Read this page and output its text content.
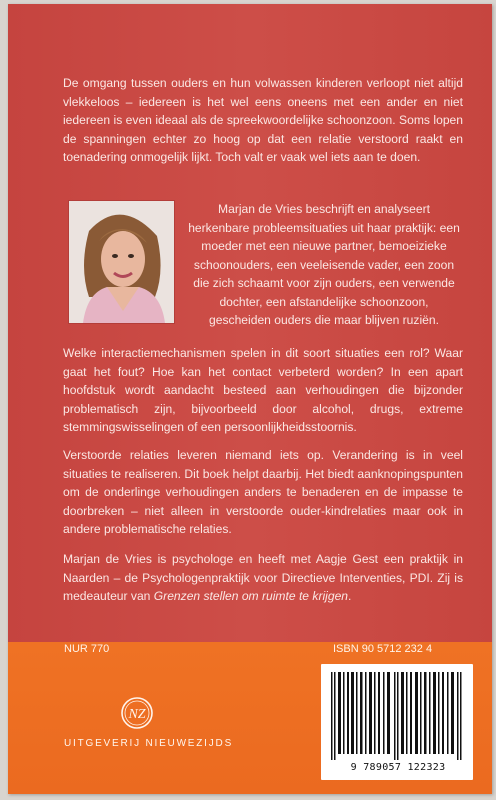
De omgang tussen ouders en hun volwassen kinderen verloopt niet altijd vlekkeloos – iedereen is het wel eens oneens met een ander en niet iedereen is even ideaal als de spreekwoordelijke schoonzoon. Soms lopen de spanningen echter zo hoog op dat een relatie verstoord raakt en toenadering onmogelijk lijkt. Toch valt er vaak wel iets aan te doen.

Marjan de Vries beschrijft en analyseert herkenbare probleemsituaties uit haar praktijk: een moeder met een nieuwe partner, bemoeizieke schoonouders, een veeleisende vader, een zoon die zich schaamt voor zijn ouders, een verwende dochter, een afstandelijke schoonzoon, gescheiden ouders die maar blijven ruziën.

Welke interactiemechanismen spelen in dit soort situaties een rol? Waar gaat het fout? Hoe kan het contact verbeterd worden? In een apart hoofdstuk wordt aandacht besteed aan verhoudingen die bijzonder problematisch zijn, bijvoorbeeld door alcohol, drugs, extreme stemmingswisselingen of een persoonlijkheidsstoornis.

Verstoorde relaties leveren niemand iets op. Verandering is in veel situaties te realiseren. Dit boek helpt daarbij. Het biedt aanknopingspunten om de onderlinge verhoudingen anders te benaderen en de impasse te doorbreken – niet alleen in verstoorde ouder-kindrelaties maar ook in andere problematische relaties.

Marjan de Vries is psychologe en heeft met Aagje Gest een praktijk in Naarden – de Psychologenpraktijk voor Directieve Interventies, PDI. Zij is medeauteur van Grenzen stellen om ruimte te krijgen.

NUR 770	ISBN 90 5712 232 4
9 789057 122323
NZ
UITGEVERIJ NIEUWEZIJDS
